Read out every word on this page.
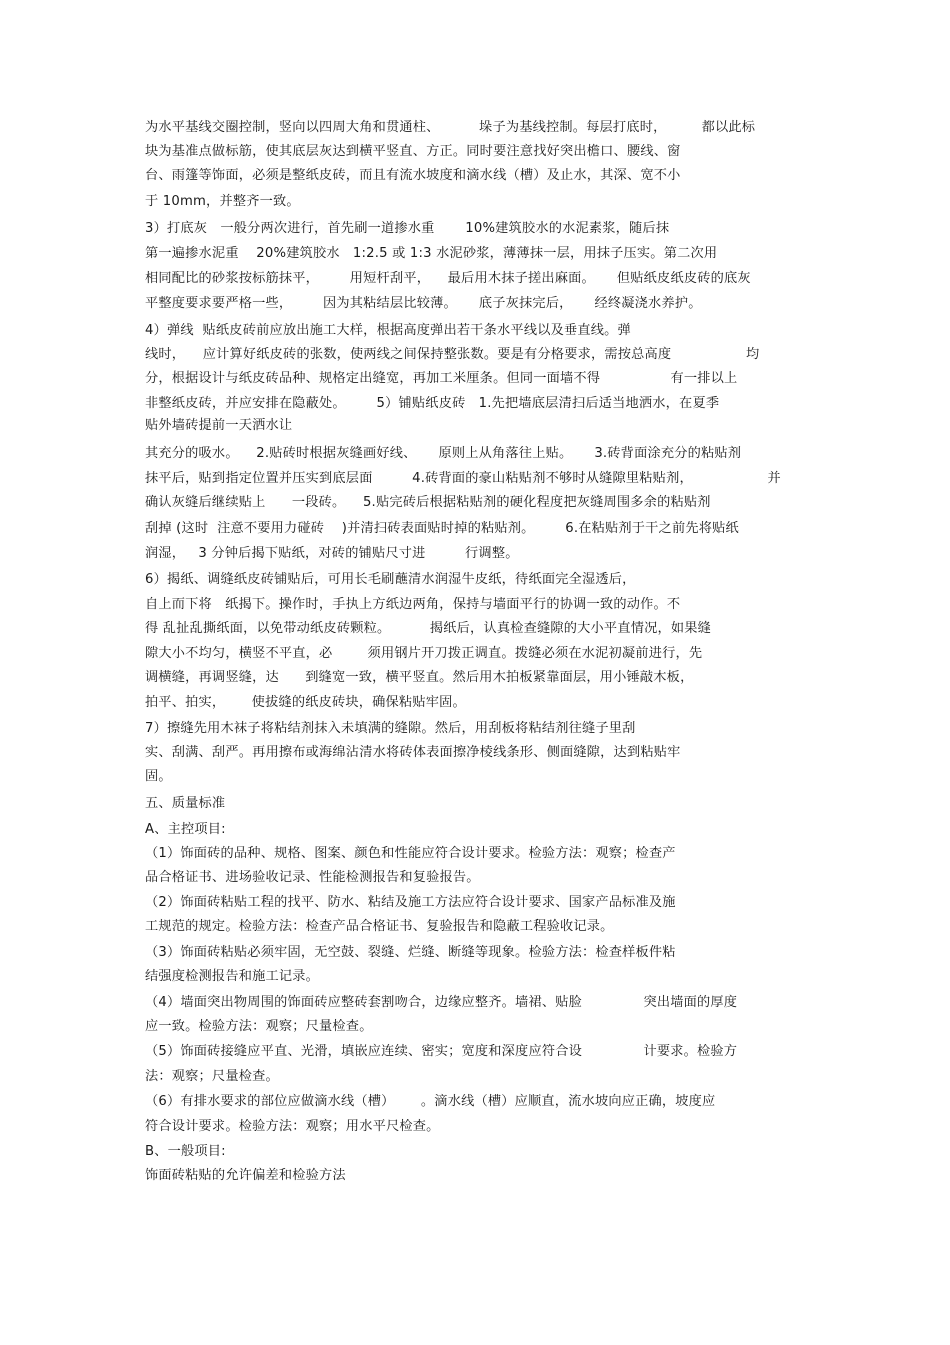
为水平基线交圈控制，竖向以四周大角和贯通柱、         垛子为基线控制。每层打底时，        都以此标
块为基准点做标筋，使其底层灰达到横平竖直、方正。同时要注意找好突出檐口、腰线、窗
台、雨篷等饰面，必须是整纸皮砖，而且有流水坡度和滴水线（槽）及止水，其深、宽不小
于 10mm，并整齐一致。
3）打底灰   一般分两次进行，首先刷一道掺水重       10%建筑胶水的水泥素浆，随后抹
第一遍掺水泥重    20%建筑胶水   1:2.5 或 1:3 水泥砂浆，薄薄抹一层，用抹子压实。第二次用
相同配比的砂浆按标筋抹平，       用短杆刮平，    最后用木抹子搓出麻面。     但贴纸皮纸皮砖的底灰
平整度要求要严格一些，       因为其粘结层比较薄。     底子灰抹完后，     经终凝浇水养护。
4）弹线  贴纸皮砖前应放出施工大样，根据高度弹出若干条水平线以及垂直线。弹
线时，    应计算好纸皮砖的张数，使两线之间保持整张数。要是有分格要求，需按总高度                 均
分，根据设计与纸皮砖品种、规格定出缝宽，再加工米厘条。但同一面墙不得                有一排以上
非整纸皮砖，并应安排在隐蔽处。       5）铺贴纸皮砖   1.先把墙底层清扫后适当地洒水，在夏季
贴外墙砖提前一天洒水让
其充分的吸水。    2.贴砖时根据灰缝画好线、     原则上从角落往上贴。     3.砖背面涂充分的粘贴剂
抹平后，贴到指定位置并压实到底层面         4.砖背面的豪山粘贴剂不够时从缝隙里粘贴剂，                 并
确认灰缝后继续贴上      一段砖。    5.贴完砖后根据粘贴剂的硬化程度把灰缝周围多余的粘贴剂
刮掉 (这时  注意不要用力碰砖    )并清扫砖表面贴时掉的粘贴剂。       6.在粘贴剂于干之前先将贴纸
润湿，   3 分钟后揭下贴纸，对砖的铺贴尺寸进         行调整。
6）揭纸、调缝纸皮砖铺贴后，可用长毛刷蘸清水润湿牛皮纸，待纸面完全湿透后，
自上而下将   纸揭下。操作时，手执上方纸边两角，保持与墙面平行的协调一致的动作。不
得 乱扯乱撕纸面，以免带动纸皮砖颗粒。         揭纸后，认真检查缝隙的大小平直情况，如果缝
隙大小不均匀，横竖不平直，必        须用钢片开刀拨正调直。拨缝必须在水泥初凝前进行，先
调横缝，再调竖缝，达      到缝宽一致，横平竖直。然后用木拍板紧靠面层，用小锤敲木板，
拍平、拍实，      使拔缝的纸皮砖块，确保粘贴牢固。
7）擦缝先用木袜子将粘结剂抹入未填满的缝隙。然后，用刮板将粘结剂往缝子里刮
实、刮满、刮严。再用擦布或海绵沾清水将砖体表面擦净棱线条形、侧面缝隙，达到粘贴牢
固。
五、质量标准
A、主控项目:
（1）饰面砖的品种、规格、图案、颜色和性能应符合设计要求。检验方法：观察；检查产
品合格证书、进场验收记录、性能检测报告和复验报告。
（2）饰面砖粘贴工程的找平、防水、粘结及施工方法应符合设计要求、国家产品标准及施
工规范的规定。检验方法：检查产品合格证书、复验报告和隐蔽工程验收记录。
（3）饰面砖粘贴必须牢固，无空鼓、裂缝、烂缝、断缝等现象。检验方法：检查样板件粘
结强度检测报告和施工记录。
（4）墙面突出物周围的饰面砖应整砖套割吻合，边缘应整齐。墙裙、贴脸              突出墙面的厚度
应一致。检验方法：观察；尺量检查。
（5）饰面砖接缝应平直、光滑，填嵌应连续、密实；宽度和深度应符合设              计要求。检验方
法：观察；尺量检查。
（6）有排水要求的部位应做滴水线（槽）      。滴水线（槽）应顺直，流水坡向应正确，坡度应
符合设计要求。检验方法：观察；用水平尺检查。
B、一般项目:
饰面砖粘贴的允许偏差和检验方法
